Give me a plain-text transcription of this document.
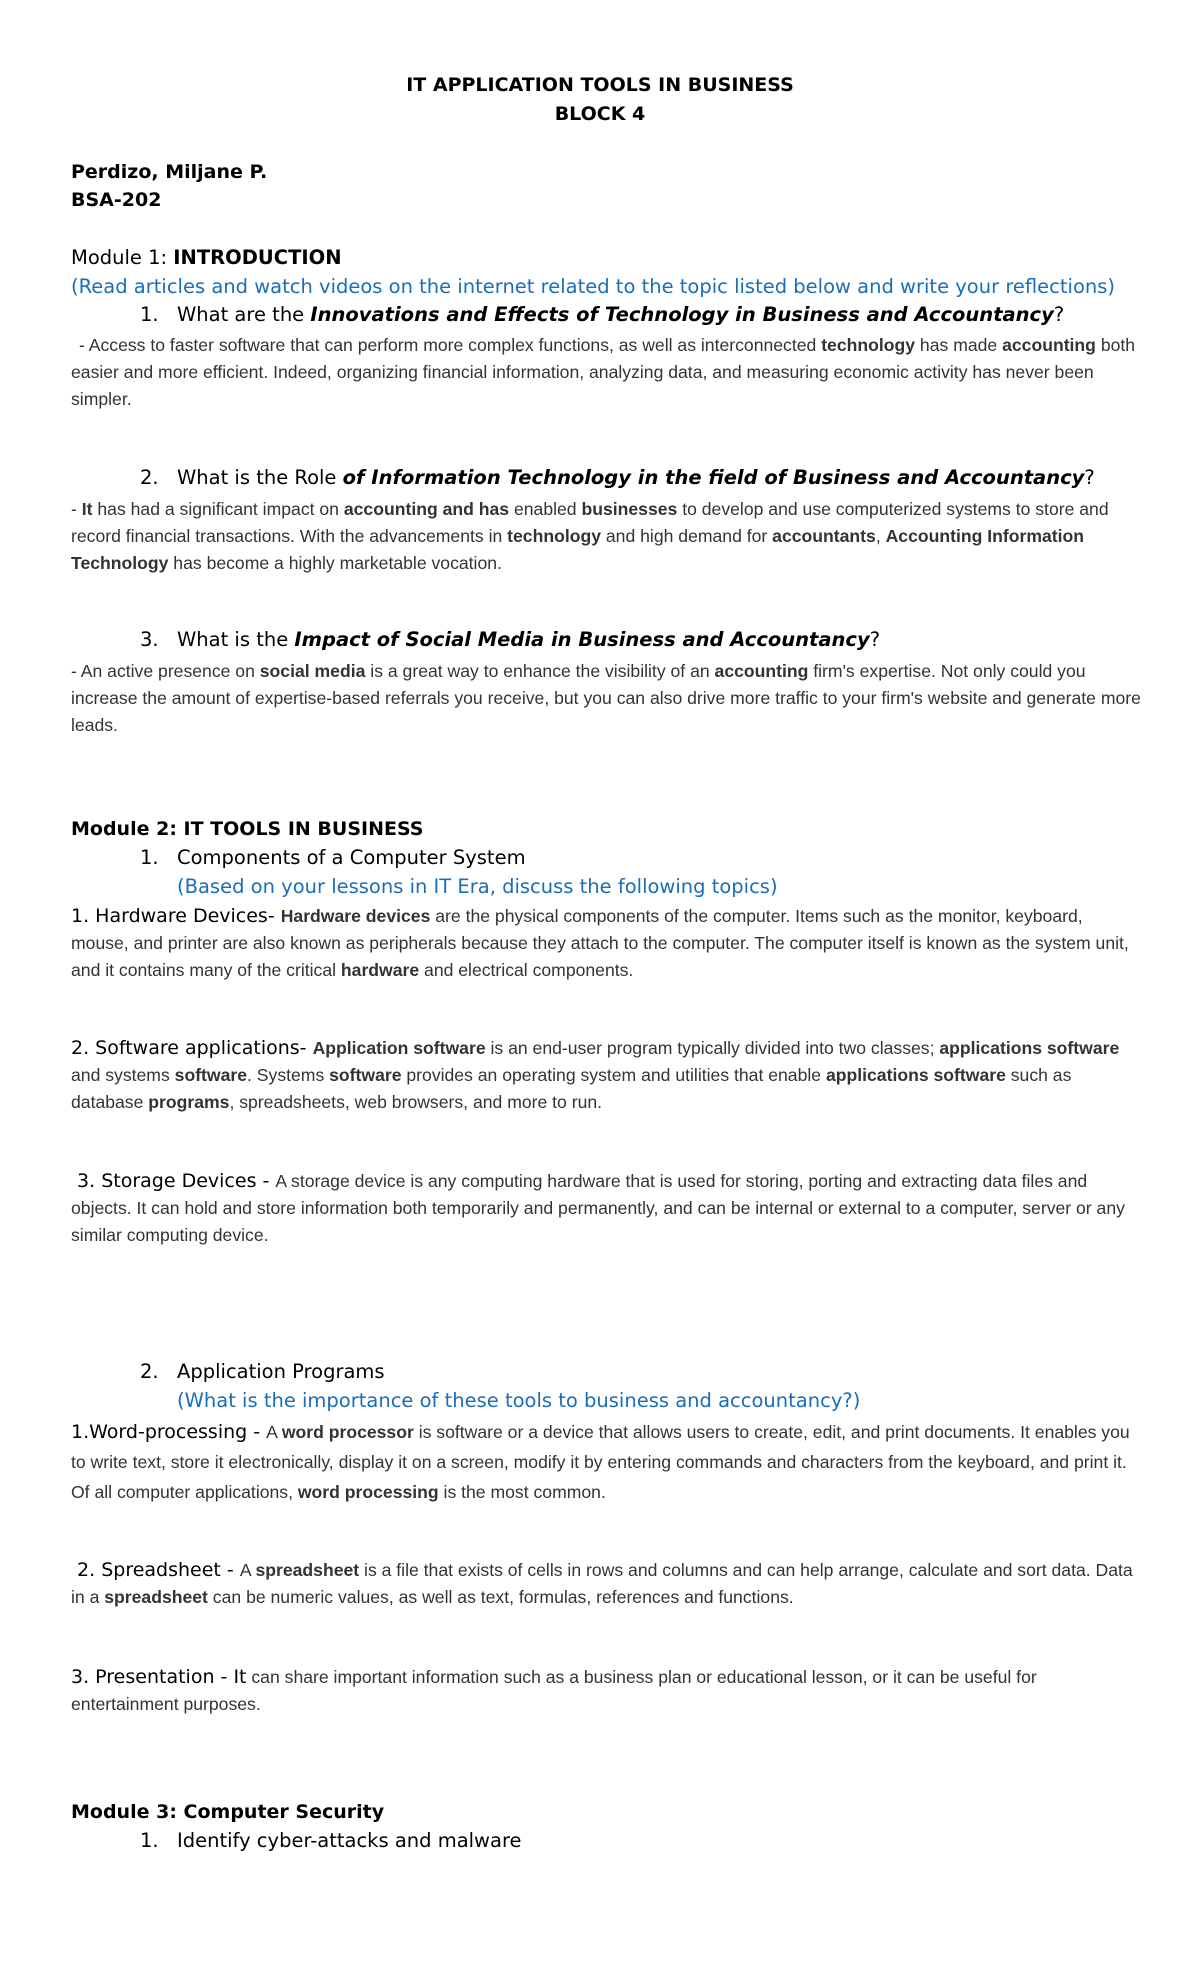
IT APPLICATION TOOLS IN BUSINESS
BLOCK 4
Perdizo, Miljane P.
BSA-202
Module 1: INTRODUCTION
(Read articles and watch videos on the internet related to the topic listed below and write your reflections)
1. What are the Innovations and Effects of Technology in Business and Accountancy?
- Access to faster software that can perform more complex functions, as well as interconnected technology has made accounting both easier and more efficient. Indeed, organizing financial information, analyzing data, and measuring economic activity has never been simpler.
2. What is the Role of Information Technology in the field of Business and Accountancy?
- It has had a significant impact on accounting and has enabled businesses to develop and use computerized systems to store and record financial transactions. With the advancements in technology and high demand for accountants, Accounting Information Technology has become a highly marketable vocation.
3. What is the Impact of Social Media in Business and Accountancy?
- An active presence on social media is a great way to enhance the visibility of an accounting firm's expertise. Not only could you increase the amount of expertise-based referrals you receive, but you can also drive more traffic to your firm's website and generate more leads.
Module 2: IT TOOLS IN BUSINESS
1. Components of a Computer System
(Based on your lessons in IT Era, discuss the following topics)
1. Hardware Devices- Hardware devices are the physical components of the computer. Items such as the monitor, keyboard, mouse, and printer are also known as peripherals because they attach to the computer. The computer itself is known as the system unit, and it contains many of the critical hardware and electrical components.
2. Software applications- Application software is an end-user program typically divided into two classes; applications software and systems software. Systems software provides an operating system and utilities that enable applications software such as database programs, spreadsheets, web browsers, and more to run.
3. Storage Devices - A storage device is any computing hardware that is used for storing, porting and extracting data files and objects. It can hold and store information both temporarily and permanently, and can be internal or external to a computer, server or any similar computing device.
2. Application Programs
(What is the importance of these tools to business and accountancy?)
1.Word-processing - A word processor is software or a device that allows users to create, edit, and print documents. It enables you to write text, store it electronically, display it on a screen, modify it by entering commands and characters from the keyboard, and print it. Of all computer applications, word processing is the most common.
2. Spreadsheet - A spreadsheet is a file that exists of cells in rows and columns and can help arrange, calculate and sort data. Data in a spreadsheet can be numeric values, as well as text, formulas, references and functions.
3. Presentation - It can share important information such as a business plan or educational lesson, or it can be useful for entertainment purposes.
Module 3: Computer Security
1. Identify cyber-attacks and malware
